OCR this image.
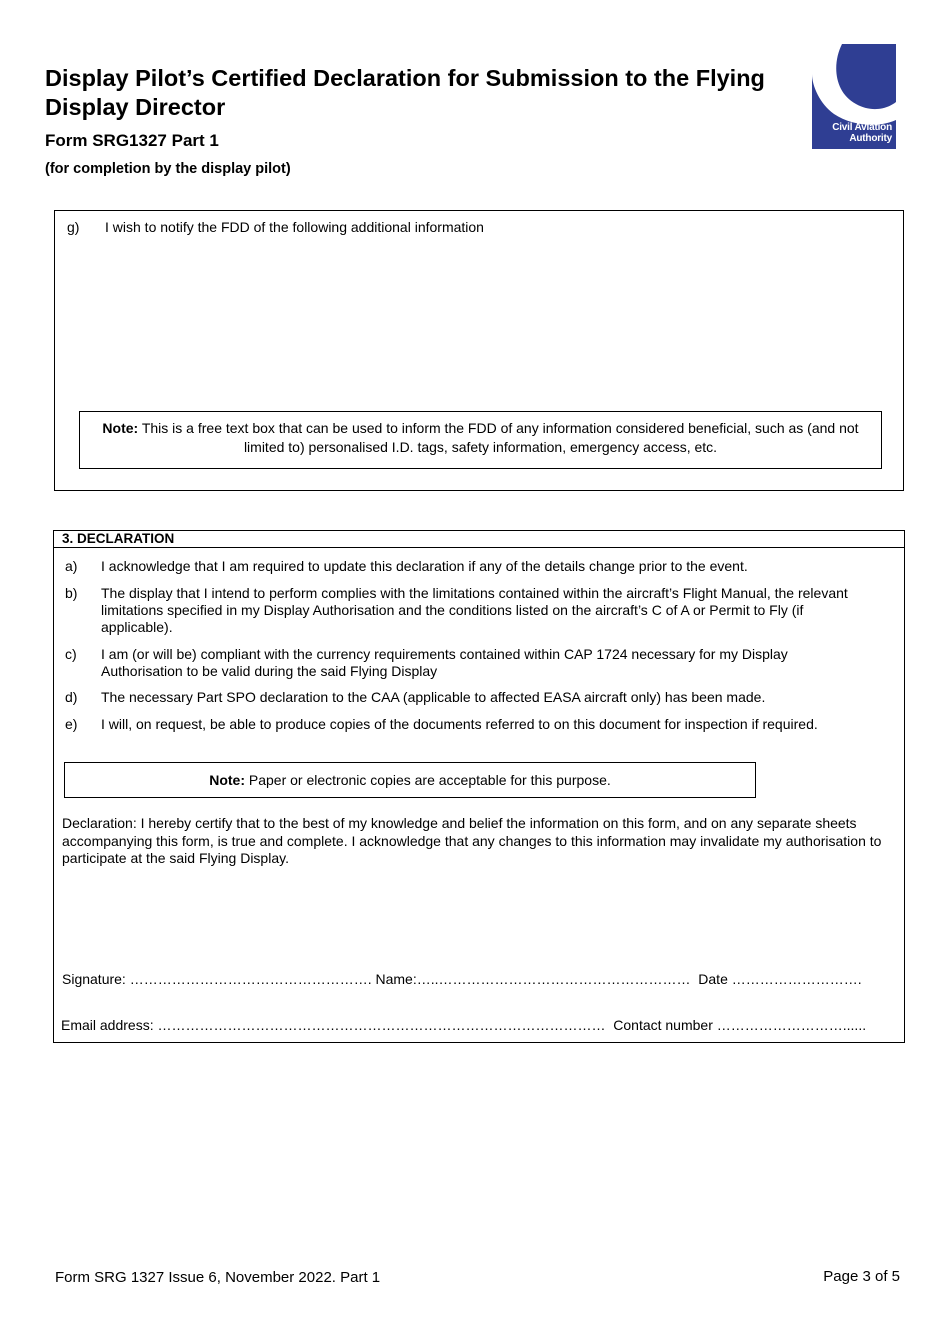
Display Pilot’s Certified Declaration for Submission to the Flying Display Director
Form SRG1327 Part 1
(for completion by the display pilot)
Civil Aviation
Authority
g) I wish to notify the FDD of the following additional information
Note: This is a free text box that can be used to inform the FDD of any information considered beneficial, such as (and not limited to) personalised I.D. tags, safety information, emergency access, etc.
3. DECLARATION
a) I acknowledge that I am required to update this declaration if any of the details change prior to the event.
b) The display that I intend to perform complies with the limitations contained within the aircraft’s Flight Manual, the relevant limitations specified in my Display Authorisation and the conditions listed on the aircraft’s C of A or Permit to Fly (if applicable).
c) I am (or will be) compliant with the currency requirements contained within CAP 1724 necessary for my Display Authorisation to be valid during the said Flying Display
d) The necessary Part SPO declaration to the CAA (applicable to affected EASA aircraft only) has been made.
e) I will, on request, be able to produce copies of the documents referred to on this document for inspection if required.
Note: Paper or electronic copies are acceptable for this purpose.
Declaration: I hereby certify that to the best of my knowledge and belief the information on this form, and on any separate sheets accompanying this form, is true and complete. I acknowledge that any changes to this information may invalidate my authorisation to participate at the said Flying Display.
Signature: ……………………………………………. Name:…..………………………………………………  Date ……………………….
Email address: ……………………………………………………………………………………  Contact number ………………………......
Form SRG 1327 Issue 6, November 2022. Part 1	Page 3 of 5
